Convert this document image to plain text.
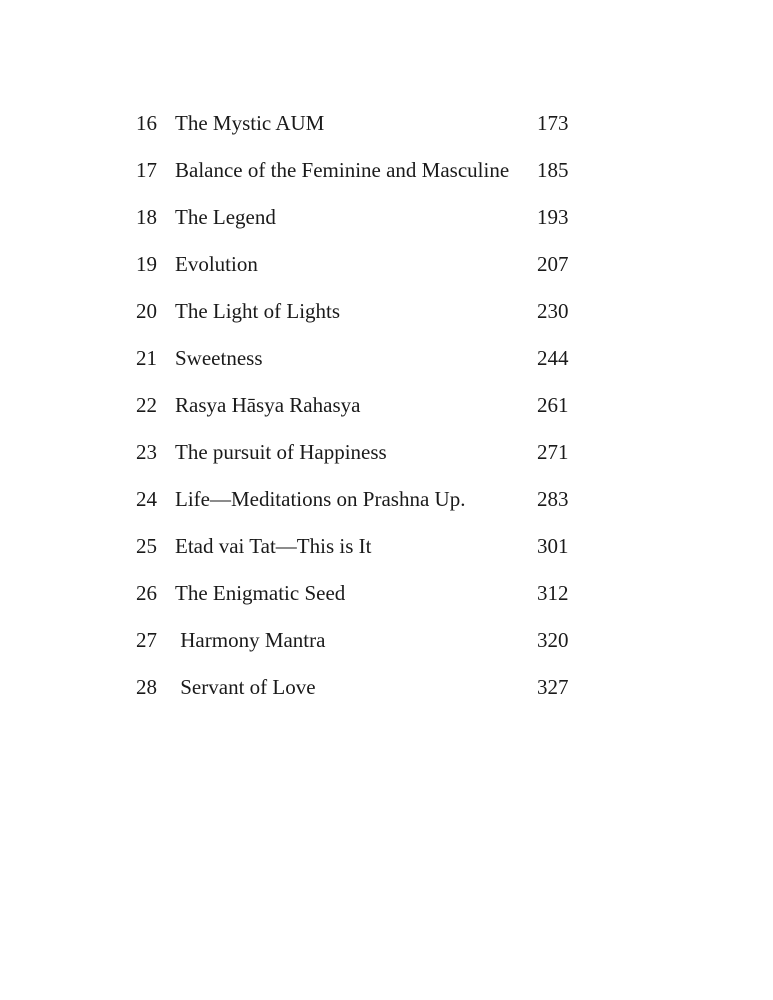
16 The Mystic AUM	173
17 Balance of the Feminine and Masculine 185
18 The Legend	193
19 Evolution	207
20 The Light of Lights	230
21 Sweetness	244
22 Rasya Hāsya Rahasya	261
23 The pursuit of Happiness	271
24 Life—Meditations on Prashna Up.	283
25 Etad vai Tat—This is It	301
26 The Enigmatic Seed	312
27 Harmony Mantra	320
28 Servant of Love	327
